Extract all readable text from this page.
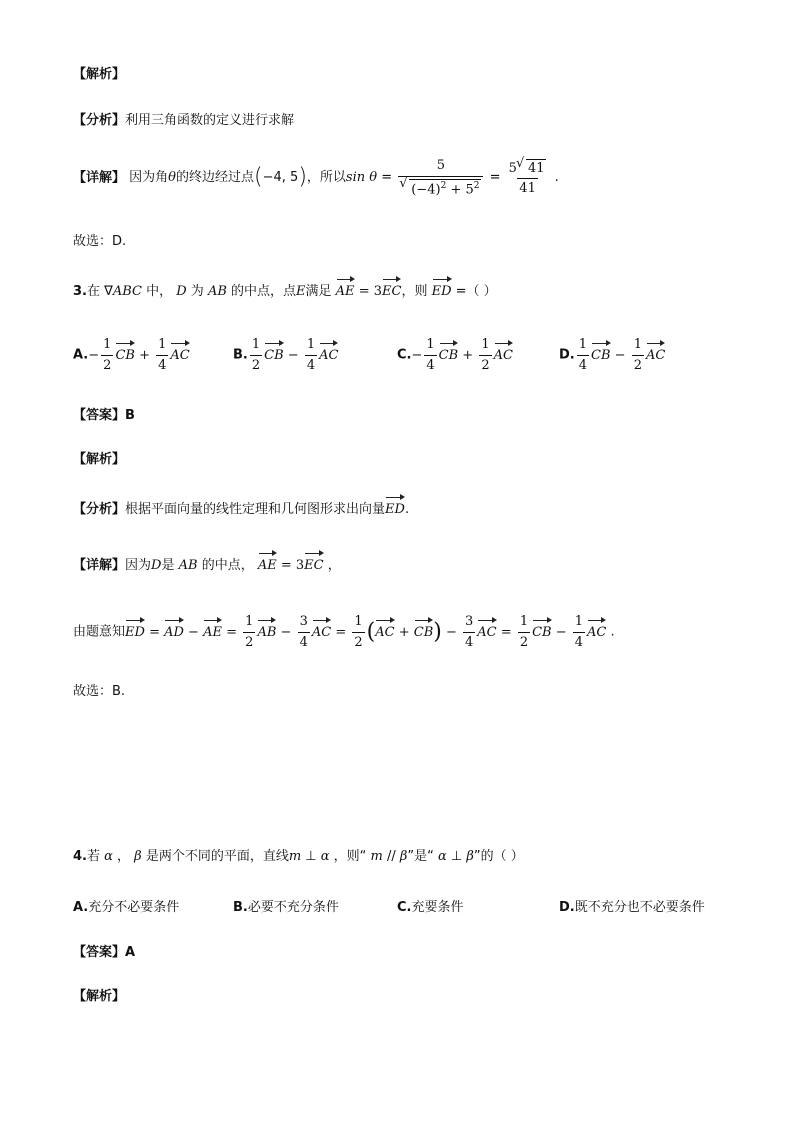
【解析】
【分析】利用三角函数的定义进行求解
【详解】 因为角θ的终边经过点(−4, 5)，所以sin θ = 5
√ $(-4)^2 + 5^2 = \frac{5√ 41}{41}$ .
故选：D.
3.在 ∇ABC 中， D 为 AB 的中点，点E满足
AE = 3
EC，则
ED =（ ）
$A.- \frac{1}{2}$ CB + $\frac{1}{4}$ AC	B. $\frac{1}{2}$ CB − $\frac{1}{4}$ AC	$C.- \frac{1}{4}$ CB + $\frac{1}{2}$ AC	D. $\frac{1}{4}$ CB − $\frac{1}{2}$ AC
【答案】B
【解析】
【分析】根据平面向量的线性定理和几何图形求出向量
ED.
【详解】因为D是 AB 的中点，
AE = 3
EC ，
由题意知
ED =
AD −
AE = $\frac{1}{2}$ AB − $\frac{3}{4}$ AC = $\frac{1}{2}$ (
AC +
$CB) - \frac{3}{4}$ AC = $\frac{1}{2}$ CB − $\frac{1}{4}$ AC .
故选：B.
4.若 α ， β 是两个不同的平面，直线m ⊥ α ，则“ m // β”是“ α ⊥ β”的（ ）
A.充分不必要条件	B.必要不充分条件	C.充要条件	D.既不充分也不必要条件
【答案】A
【解析】
